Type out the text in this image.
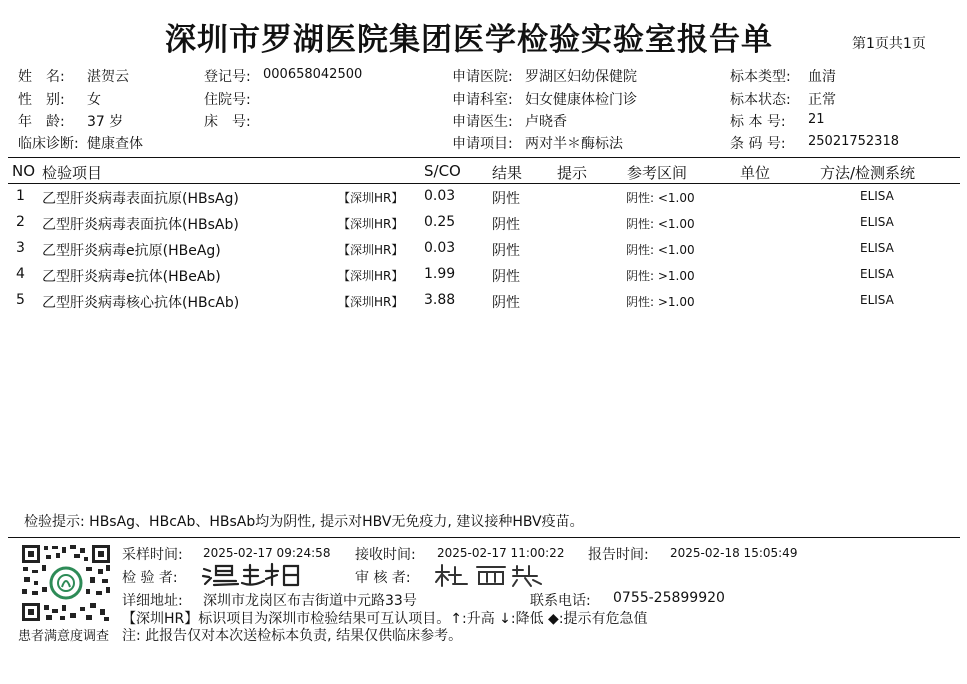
深圳市罗湖医院集团医学检验实验室报告单	第1页共1页
姓　名: 湛贺云
性　别: 女
年　龄: 37 岁
临床诊断: 健康查体
登记号: 000658042500
住院号:
床　号:
申请医院: 罗湖区妇幼保健院
申请科室: 妇女健康体检门诊
申请医生: 卢晓香
申请项目: 两对半＊酶标法
标本类型: 血清
标本状态: 正常
标 本 号: 21
条 码 号: 25021752318
NO 检验项目	S/CO 结果 提示	参考区间	单位	方法/检测系统
1 乙型肝炎病毒表面抗原(HBsAg)	【深圳HR】 0.03	阴性	阴性: <1.00	ELISA
2 乙型肝炎病毒表面抗体(HBsAb)	【深圳HR】 0.25	阴性	阴性: <1.00	ELISA
3 乙型肝炎病毒e抗原(HBeAg)	【深圳HR】 0.03	阴性	阴性: <1.00	ELISA
4 乙型肝炎病毒e抗体(HBeAb)	【深圳HR】 1.99	阴性	阴性: >1.00	ELISA
5 乙型肝炎病毒核心抗体(HBcAb)	【深圳HR】 3.88	阴性	阴性: >1.00	ELISA
检验提示: HBsAg、HBcAb、HBsAb均为阴性, 提示对HBV无免疫力, 建议接种HBV疫苗。
患者满意度调查
采样时间: 2025-02-17 09:24:58 接收时间: 2025-02-17 11:00:22 报告时间: 2025-02-18 15:05:49
检 验 者:	审 核 者:
详细地址: 深圳市龙岗区布吉街道中元路33号	联系电话: 0755-25899920
【深圳HR】标识项目为深圳市检验结果可互认项目。↑:升高 ↓:降低 ◆:提示有危急值
注: 此报告仅对本次送检标本负责, 结果仅供临床参考。
